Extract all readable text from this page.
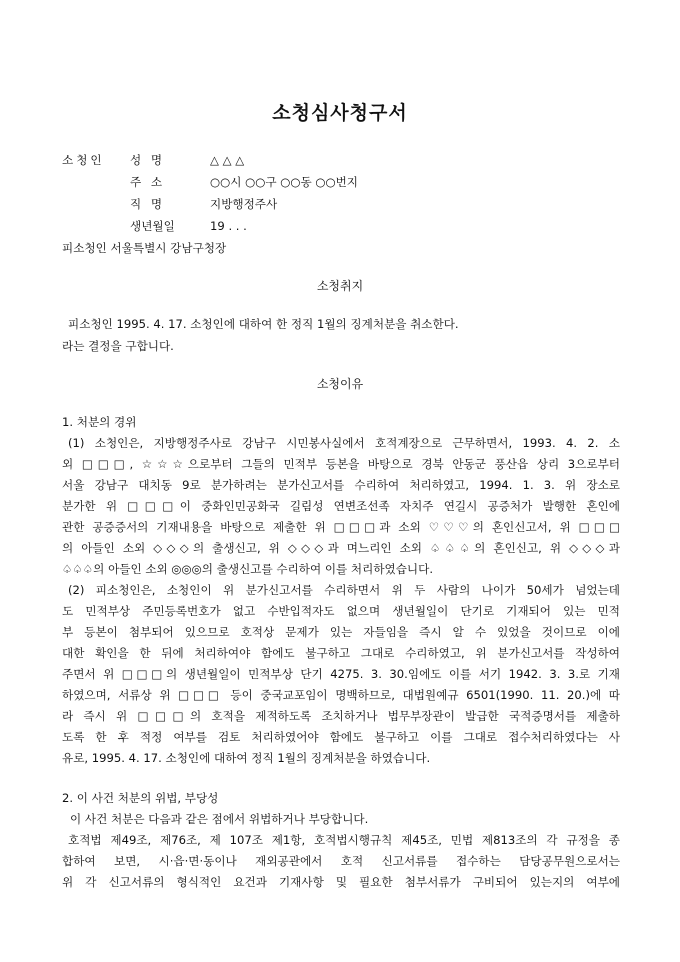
소청심사청구서
소청인 성 명	△ △ △
주 소	○○시 ○○구 ○○동 ○○번지
직 명	지방행정주사
생년월일	19 . . .
피소청인 서울특별시 강남구청장
소청취지
피소청인 1995. 4. 17. 소청인에 대하여 한 정직 1월의 징계처분을 취소한다.
라는 결정을 구합니다.
소청이유
1. 처분의 경위
(1) 소청인은, 지방행정주사로 강남구 시민봉사실에서 호적계장으로 근무하면서, 1993. 4. 2. 소
외 □□□, ☆☆☆으로부터 그들의 민적부 등본을 바탕으로 경북 안동군 풍산읍 상리 3으로부터
서울 강남구 대치동 9로 분가하려는 분가신고서를 수리하여 처리하였고, 1994. 1. 3. 위 장소로
분가한 위 □□□이 중화인민공화국 길림성 연변조선족 자치주 연길시 공증처가 발행한 혼인에
관한 공증증서의 기재내용을 바탕으로 제출한 위 □□□과 소외 ♡♡♡의 혼인신고서, 위 □□□
의 아들인 소외 ◇◇◇의 출생신고, 위 ◇◇◇과 며느리인 소외 ♤♤♤의 혼인신고, 위 ◇◇◇과
♤♤♤의 아들인 소외 ◎◎◎의 출생신고를 수리하여 이를 처리하였습니다.
(2) 피소청인은, 소청인이 위 분가신고서를 수리하면서 위 두 사람의 나이가 50세가 넘었는데
도 민적부상 주민등록번호가 없고 수반입적자도 없으며 생년월일이 단기로 기재되어 있는 민적
부 등본이 첨부되어 있으므로 호적상 문제가 있는 자들임을 즉시 알 수 있었을 것이므로 이에
대한 확인을 한 뒤에 처리하여야 함에도 불구하고 그대로 수리하였고, 위 분가신고서를 작성하여
주면서 위 □□□의 생년월일이 민적부상 단기 4275. 3. 30.임에도 이를 서기 1942. 3. 3.로 기재
하였으며, 서류상 위 □□□ 등이 중국교포임이 명백하므로, 대법원예규 6501(1990. 11. 20.)에 따
라 즉시 위 □□□의 호적을 제적하도록 조치하거나 법무부장관이 발급한 국적증명서를 제출하
도록 한 후 적정 여부를 검토 처리하였어야 함에도 불구하고 이를 그대로 접수처리하였다는 사
유로, 1995. 4. 17. 소청인에 대하여 정직 1월의 징계처분을 하였습니다.
2. 이 사건 처분의 위법, 부당성
이 사건 처분은 다음과 같은 점에서 위법하거나 부당합니다.
호적법 제49조, 제76조, 제 107조 제1항, 호적법시행규칙 제45조, 민법 제813조의 각 규정을 종
합하여 보면, 시·읍·면·동이나 재외공관에서 호적 신고서류를 접수하는 담당공무원으로서는
위 각 신고서류의 형식적인 요건과 기재사항 및 필요한 첨부서류가 구비되어 있는지의 여부에
